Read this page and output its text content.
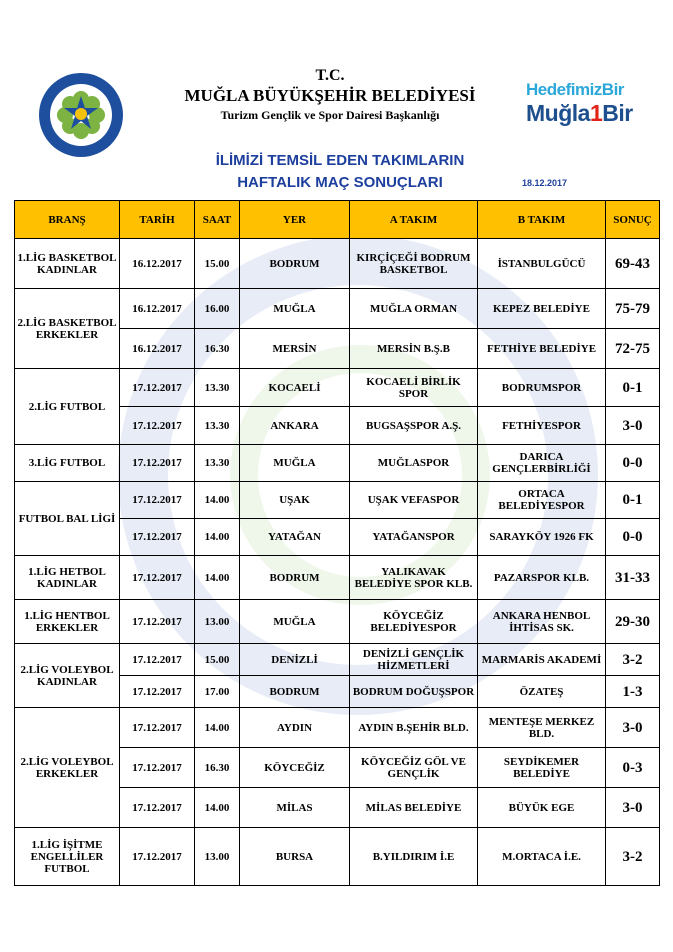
T.C.
MUĞLA BÜYÜKŞEHİR BELEDİYESİ
Turizm Gençlik ve Spor Dairesi Başkanlığı
HedefimizBir
Muğla1Bir
İLİMİZİ TEMSİL EDEN TAKIMLARIN
HAFTALIK MAÇ SONUÇLARI	18.12.2017
BRANŞ	TARİH	SAAT	YER	A TAKIM	B TAKIM	SONUÇ
1.LİG BASKETBOL KADINLAR	16.12.2017	15.00	BODRUM	KIRÇİÇEĞİ BODRUM BASKETBOL	İSTANBULGÜCÜ	69-43
2.LİG BASKETBOL ERKEKLER	16.12.2017	16.00	MUĞLA	MUĞLA ORMAN	KEPEZ BELEDİYE	75-79
	16.12.2017	16.30	MERSİN	MERSİN B.Ş.B	FETHİYE BELEDİYE	72-75
2.LİG FUTBOL	17.12.2017	13.30	KOCAELİ	KOCAELİ BİRLİK SPOR	BODRUMSPOR	0-1
	17.12.2017	13.30	ANKARA	BUGSAŞSPOR A.Ş.	FETHİYESPOR	3-0
3.LİG FUTBOL	17.12.2017	13.30	MUĞLA	MUĞLASPOR	DARICA GENÇLERBİRLİĞİ	0-0
FUTBOL BAL LİGİ	17.12.2017	14.00	UŞAK	UŞAK VEFASPOR	ORTACA BELEDİYESPOR	0-1
	17.12.2017	14.00	YATAĞAN	YATAĞANSPOR	SARAYKÖY 1926 FK	0-0
1.LİG HETBOL KADINLAR	17.12.2017	14.00	BODRUM	YALIKAVAK BELEDİYE SPOR KLB.	PAZARSPOR KLB.	31-33
1.LİG HENTBOL ERKEKLER	17.12.2017	13.00	MUĞLA	KÖYCEĞİZ BELEDİYESPOR	ANKARA HENBOL İHTİSAS SK.	29-30
2.LİG VOLEYBOL KADINLAR	17.12.2017	15.00	DENİZLİ	DENİZLİ GENÇLİK HİZMETLERİ	MARMARİS AKADEMİ	3-2
	17.12.2017	17.00	BODRUM	BODRUM DOĞUŞSPOR	ÖZATEŞ	1-3
2.LİG VOLEYBOL ERKEKLER	17.12.2017	14.00	AYDIN	AYDIN B.ŞEHİR BLD.	MENTEŞE MERKEZ BLD.	3-0
	17.12.2017	16.30	KÖYCEĞİZ	KÖYCEĞİZ GÖL VE GENÇLİK	SEYDİKEMER BELEDİYE	0-3
	17.12.2017	14.00	MİLAS	MİLAS BELEDİYE	BÜYÜK EGE	3-0
1.LİG İŞİTME ENGELLİLER FUTBOL	17.12.2017	13.00	BURSA	B.YILDIRIM İ.E	M.ORTACA İ.E.	3-2
